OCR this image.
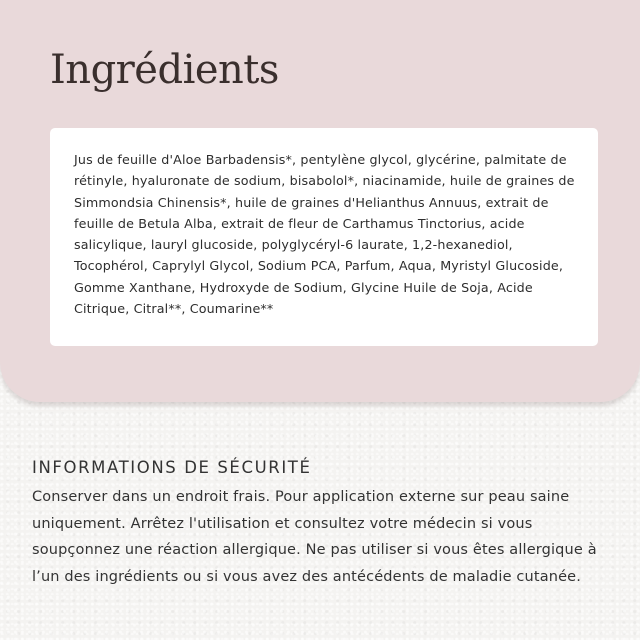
Ingrédients

Jus de feuille d'Aloe Barbadensis*, pentylène glycol, glycérine, palmitate de rétinyle, hyaluronate de sodium, bisabolol*, niacinamide, huile de graines de Simmondsia Chinensis*, huile de graines d'Helianthus Annuus, extrait de feuille de Betula Alba, extrait de fleur de Carthamus Tinctorius, acide salicylique, lauryl glucoside, polyglycéryl-6 laurate, 1,2-hexanediol, Tocophérol, Caprylyl Glycol, Sodium PCA, Parfum, Aqua, Myristyl Glucoside, Gomme Xanthane, Hydroxyde de Sodium, Glycine Huile de Soja, Acide Citrique, Citral**, Coumarine**

INFORMATIONS DE SÉCURITÉ

Conserver dans un endroit frais. Pour application externe sur peau saine uniquement. Arrêtez l'utilisation et consultez votre médecin si vous soupçonnez une réaction allergique. Ne pas utiliser si vous êtes allergique à l’un des ingrédients ou si vous avez des antécédents de maladie cutanée.
